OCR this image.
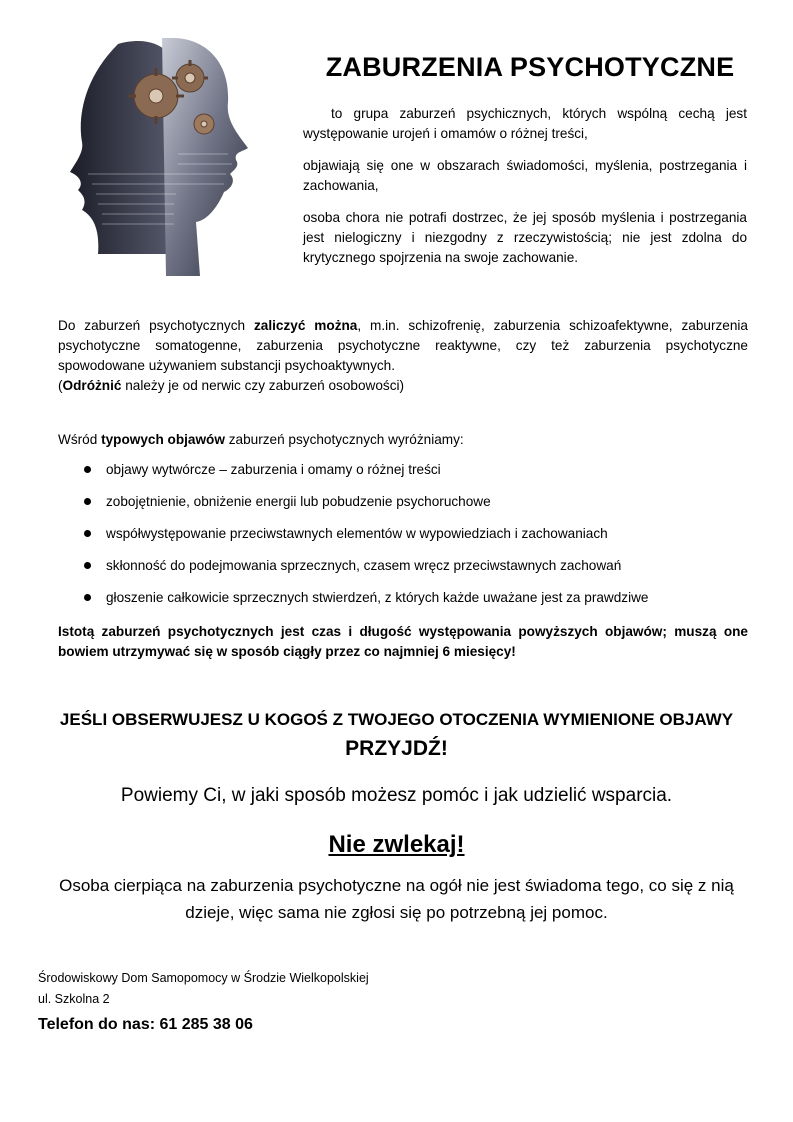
ZABURZENIA PSYCHOTYCZNE

to grupa zaburzeń psychicznych, których wspólną cechą jest występowanie urojeń i omamów o różnej treści,

objawiają się one w obszarach świadomości, myślenia, postrzegania i zachowania,

osoba chora nie potrafi dostrzec, że jej sposób myślenia i postrzegania jest nielogiczny i niezgodny z rzeczywistością; nie jest zdolna do krytycznego spojrzenia na swoje zachowanie.

Do zaburzeń psychotycznych zaliczyć można, m.in. schizofrenię, zaburzenia schizoafektywne, zaburzenia psychotyczne somatogenne, zaburzenia psychotyczne reaktywne, czy też zaburzenia psychotyczne spowodowane używaniem substancji psychoaktywnych.

(Odróżnić należy je od nerwic czy zaburzeń osobowości)

Wśród typowych objawów zaburzeń psychotycznych wyróżniamy:

objawy wytwórcze – zaburzenia i omamy o różnej treści
zobojętnienie, obniżenie energii lub pobudzenie psychoruchowe
współwystępowanie przeciwstawnych elementów w wypowiedziach i zachowaniach
skłonność do podejmowania sprzecznych, czasem wręcz przeciwstawnych zachowań
głoszenie całkowicie sprzecznych stwierdzeń, z których każde uważane jest za prawdziwe

Istotą zaburzeń psychotycznych jest czas i długość występowania powyższych objawów; muszą one bowiem utrzymywać się w sposób ciągły przez co najmniej 6 miesięcy!

JEŚLI OBSERWUJESZ U KOGOŚ Z TWOJEGO OTOCZENIA WYMIENIONE OBJAWY
PRZYJDŹ!
Powiemy Ci, w jaki sposób możesz pomóc i jak udzielić wsparcia.
Nie zwlekaj!
Osoba cierpiąca na zaburzenia psychotyczne na ogół nie jest świadoma tego, co się z nią dzieje, więc sama nie zgłosi się po potrzebną jej pomoc.
Środowiskowy Dom Samopomocy w Środzie Wielkopolskiej
ul. Szkolna 2
Telefon do nas: 61 285 38 06
